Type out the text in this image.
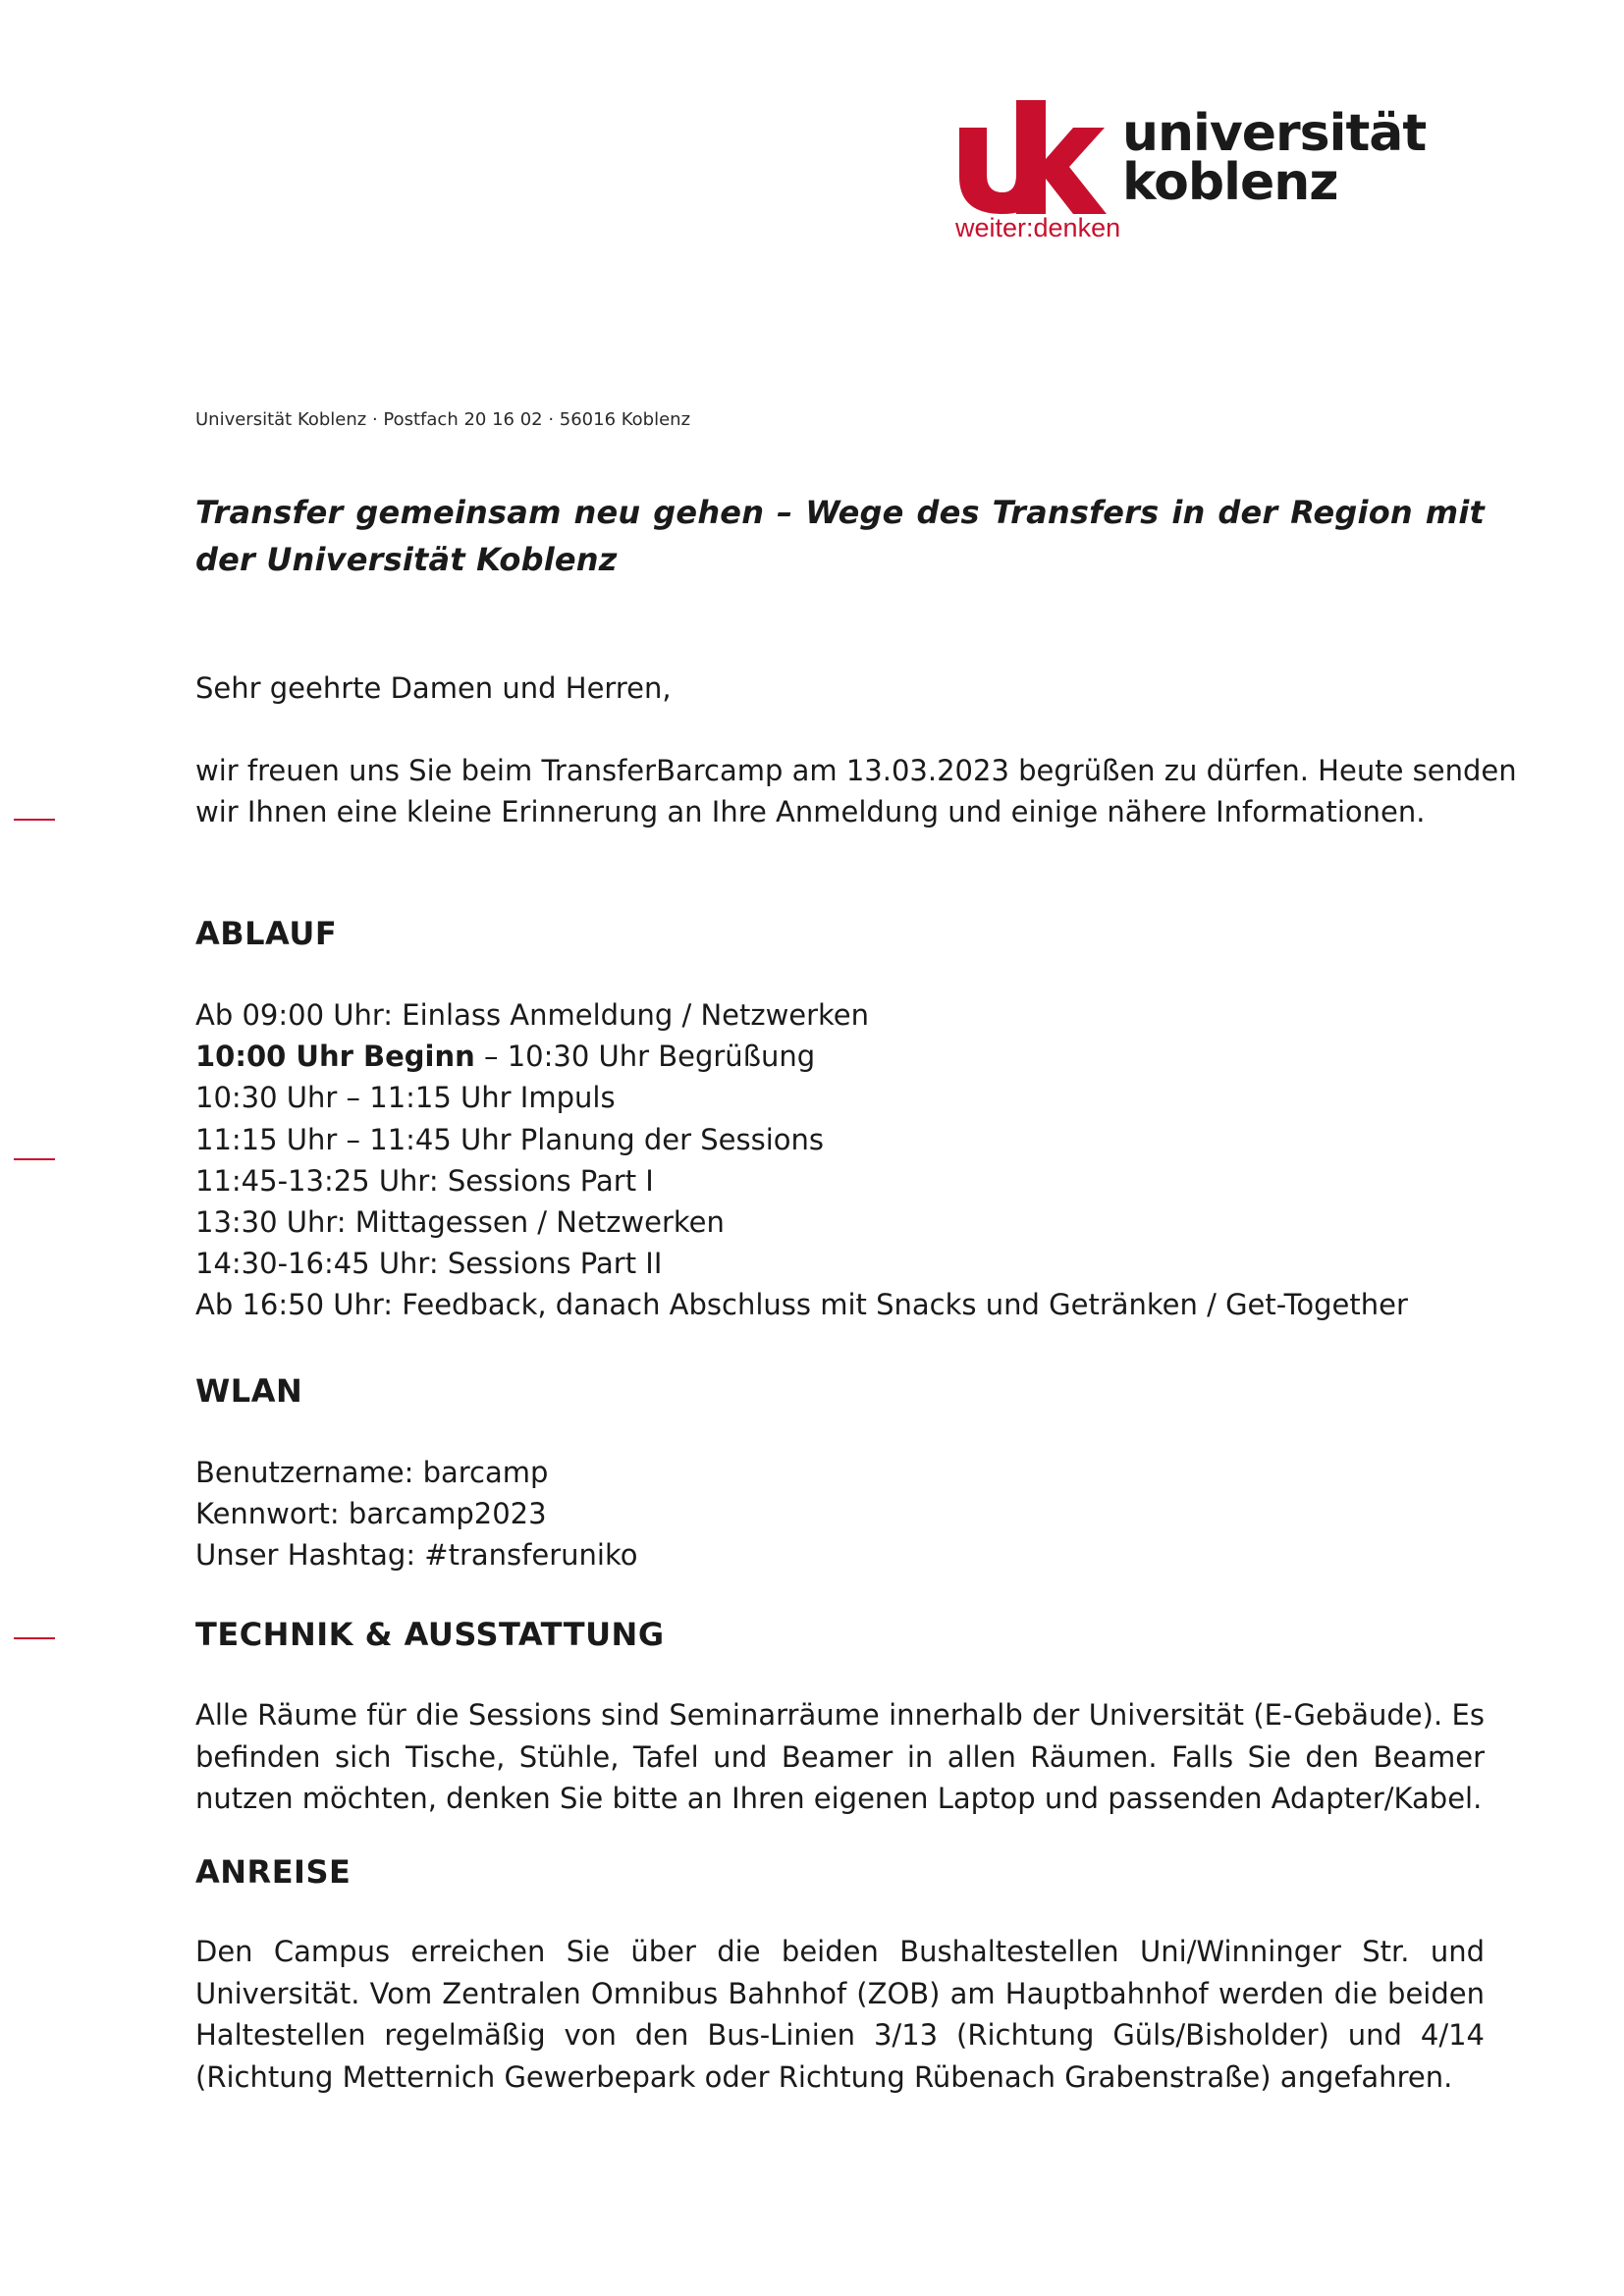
universität
koblenz
weiter:denken
Universität Koblenz · Postfach 20 16 02 · 56016 Koblenz
Transfer gemeinsam neu gehen – Wege des Transfers in der Region mit der Universität Koblenz
Sehr geehrte Damen und Herren,

wir freuen uns Sie beim TransferBarcamp am 13.03.2023 begrüßen zu dürfen. Heute senden

wir Ihnen eine kleine Erinnerung an Ihre Anmeldung und einige nähere Informationen.

ABLAUF
Ab 09:00 Uhr: Einlass Anmeldung / Netzwerken
10:00 Uhr Beginn – 10:30 Uhr Begrüßung
10:30 Uhr – 11:15 Uhr Impuls
11:15 Uhr – 11:45 Uhr Planung der Sessions
11:45-13:25 Uhr: Sessions Part I
13:30 Uhr: Mittagessen / Netzwerken
14:30-16:45 Uhr: Sessions Part II
Ab 16:50 Uhr: Feedback, danach Abschluss mit Snacks und Getränken / Get-Together
WLAN
Benutzername: barcamp
Kennwort: barcamp2023
Unser Hashtag: #transferuniko
TECHNIK & AUSSTATTUNG
Alle Räume für die Sessions sind Seminarräume innerhalb der Universität (E-Gebäude). Es befinden sich Tische, Stühle, Tafel und Beamer in allen Räumen. Falls Sie den Beamer nutzen möchten, denken Sie bitte an Ihren eigenen Laptop und passenden Adapter/Kabel.
ANREISE
Den Campus erreichen Sie über die beiden Bushaltestellen Uni/Winninger Str. und Universität. Vom Zentralen Omnibus Bahnhof (ZOB) am Hauptbahnhof werden die beiden Haltestellen regelmäßig von den Bus-Linien 3/13 (Richtung Güls/Bisholder) und 4/14 (Richtung Metternich Gewerbepark oder Richtung Rübenach Grabenstraße) angefahren.
